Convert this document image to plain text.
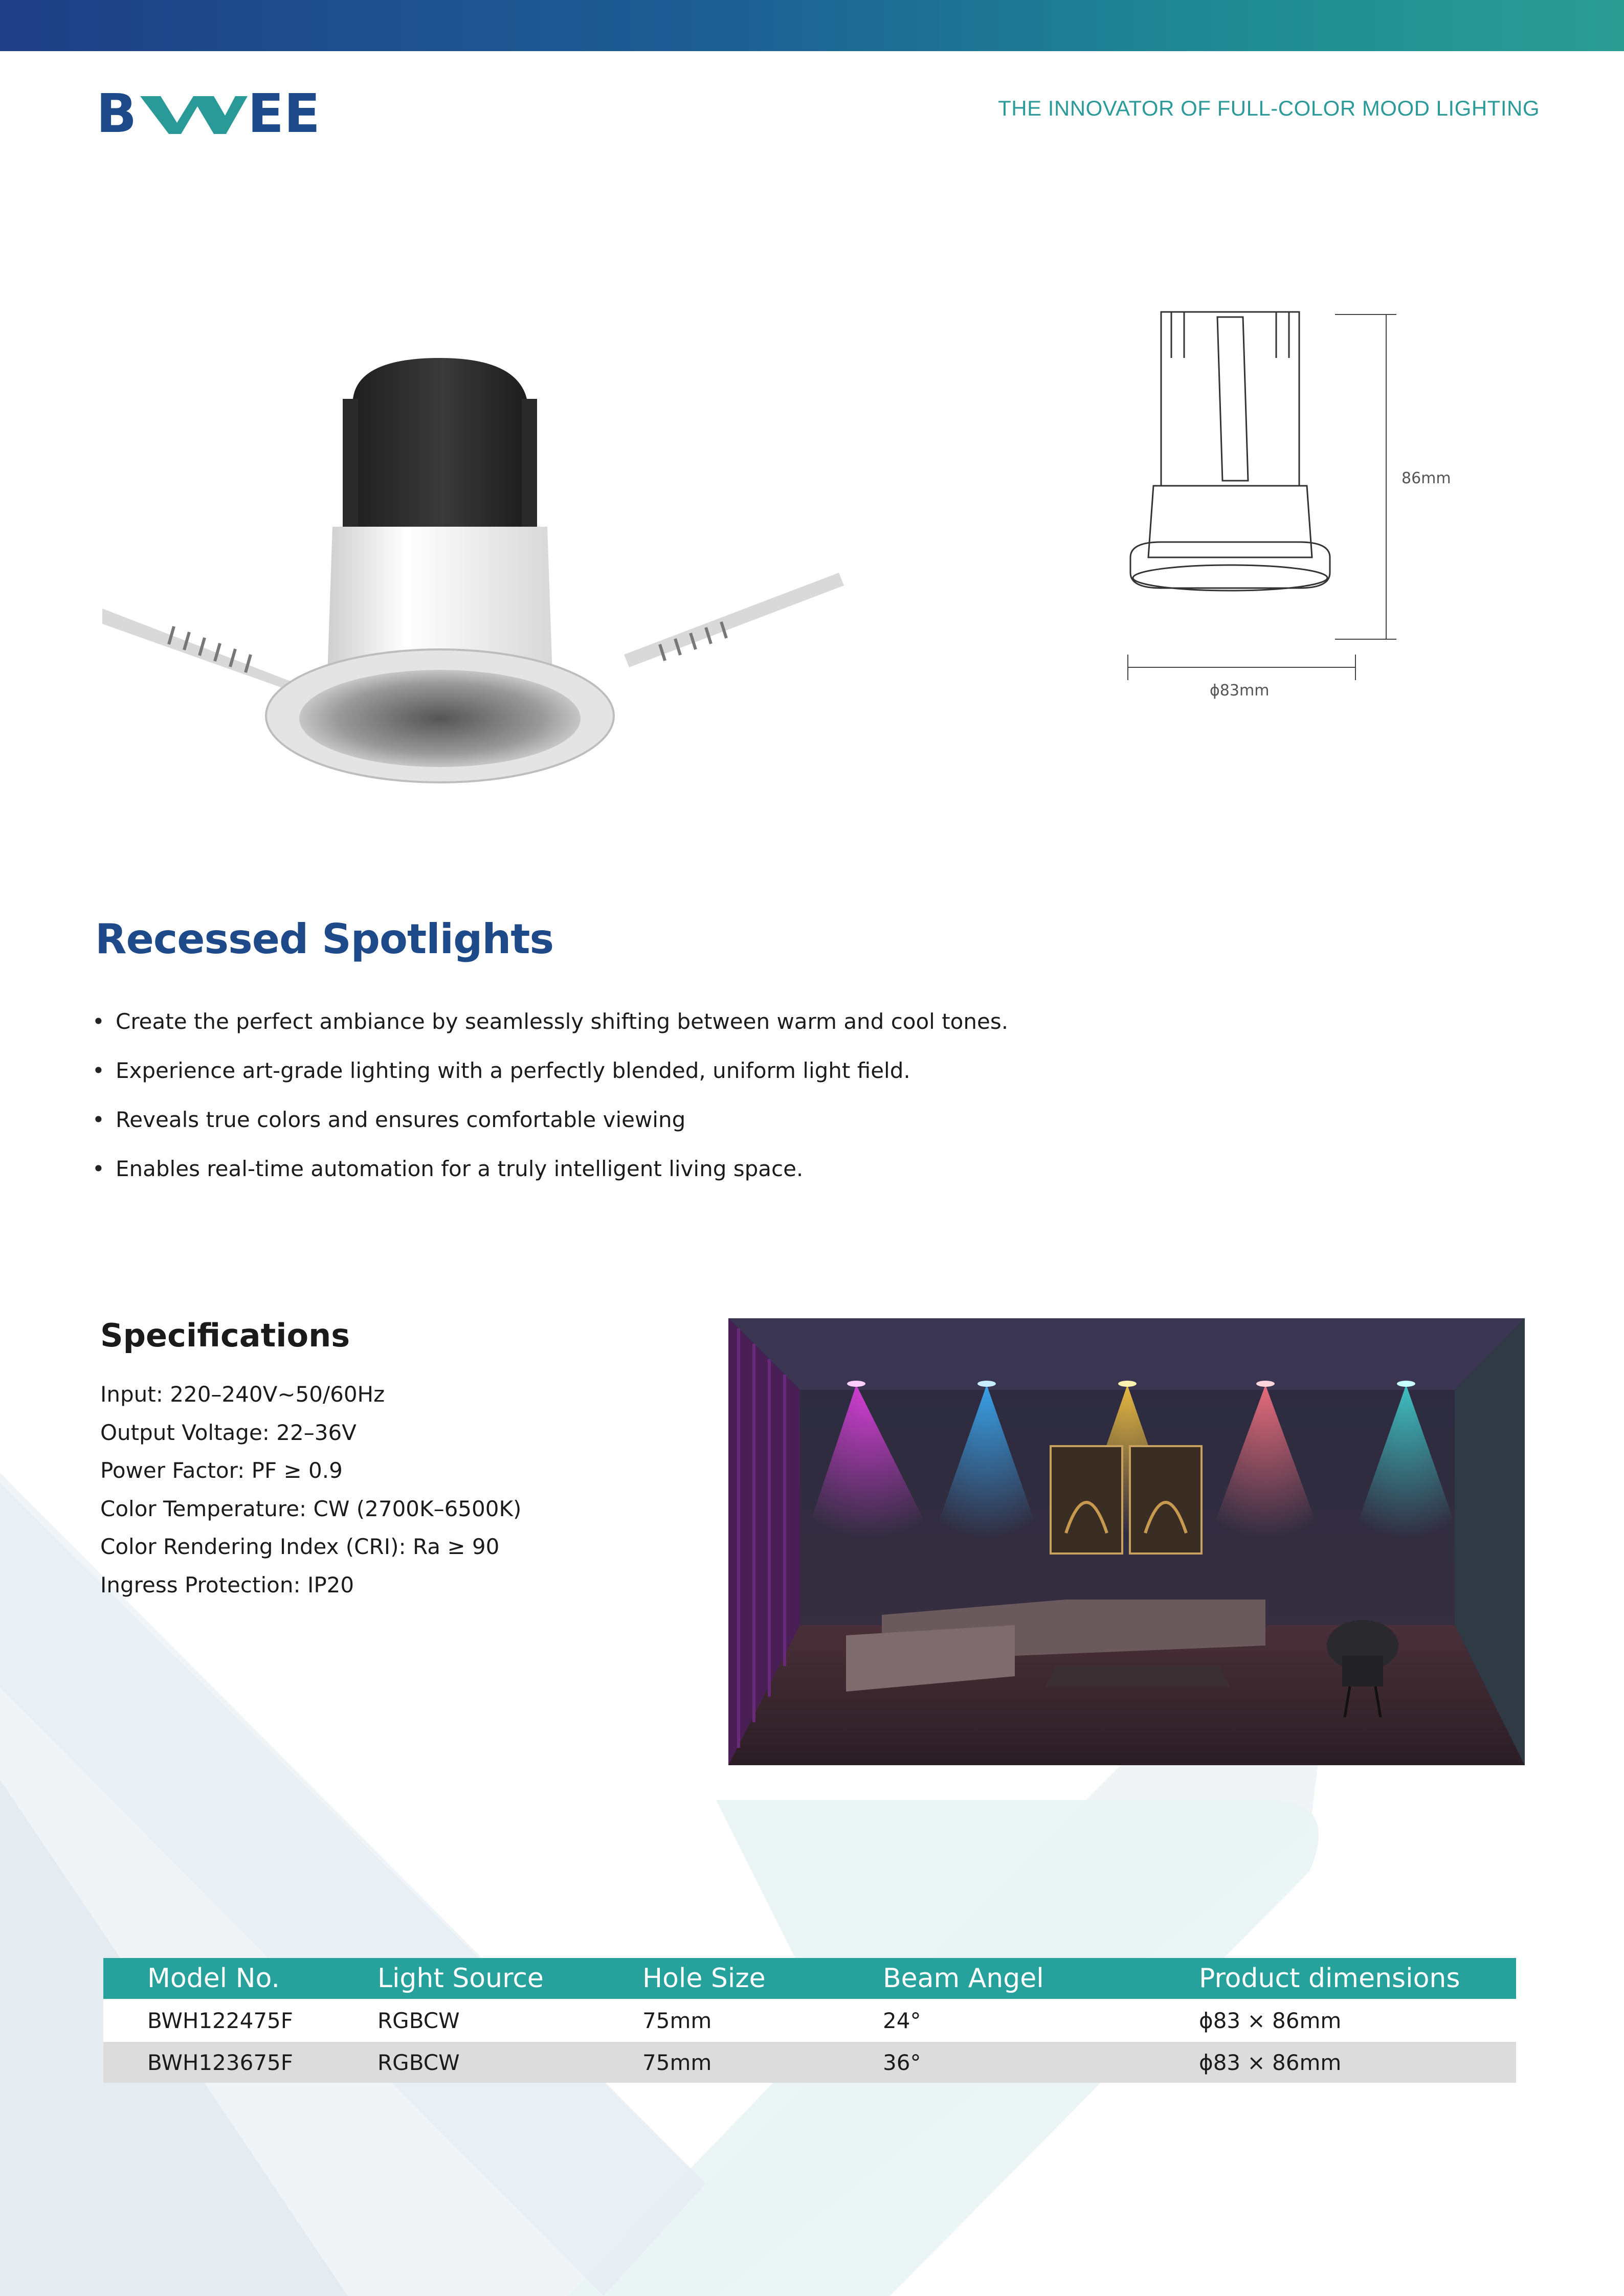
B EE	THE INNOVATOR OF FULL-COLOR MOOD LIGHTING
86mm
ϕ83mm
Recessed Spotlights
• Create the perfect ambiance by seamlessly shifting between warm and cool tones.
• Experience art-grade lighting with a perfectly blended, uniform light field.
• Reveals true colors and ensures comfortable viewing
• Enables real-time automation for a truly intelligent living space.
Specifications
Input: 220–240V~50/60Hz
Output Voltage: 22–36V
Power Factor: PF ≥ 0.9
Color Temperature: CW (2700K–6500K)
Color Rendering Index (CRI): Ra ≥ 90
Ingress Protection: IP20
Model No.	Light Source	Hole Size	Beam Angel	Product dimensions
BWH122475F	RGBCW	75mm	24°	ϕ83 × 86mm
BWH123675F	RGBCW	75mm	36°	ϕ83 × 86mm
